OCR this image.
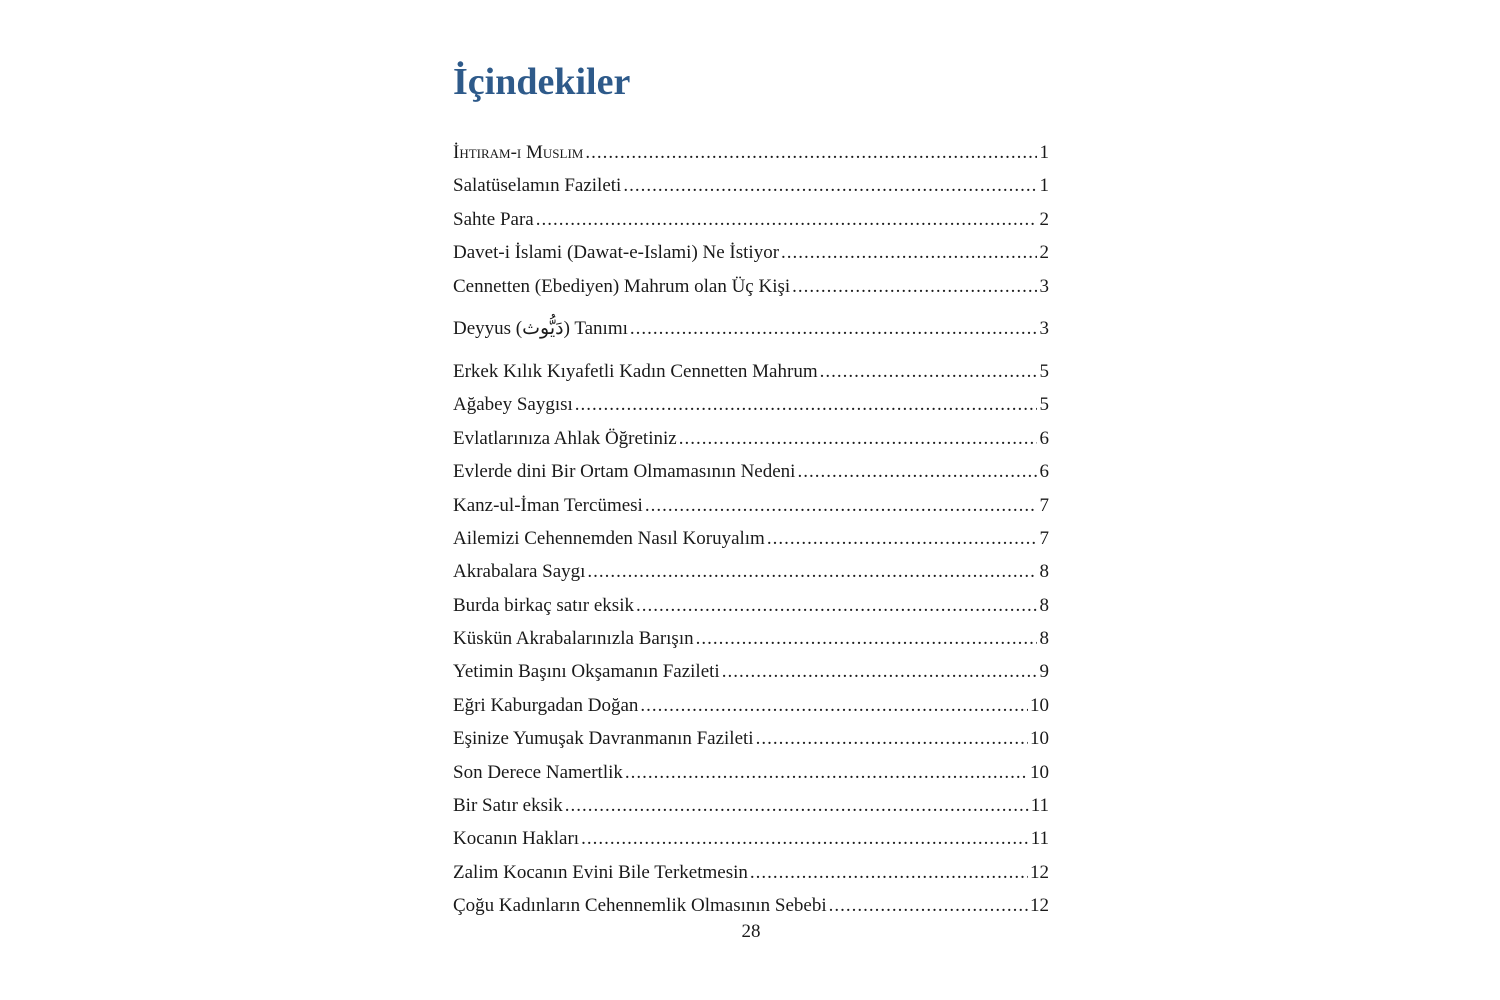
İçindekiler
İhtiram-ı Muslim .....	1
Salatüselamın Fazileti .....	1
Sahte Para .....	2
Davet-i İslami (Dawat-e-Islami) Ne İstiyor .....	2
Cennetten (Ebediyen) Mahrum olan Üç Kişi .....	3
Deyyus (دَیُّوث) Tanımı .....	3
Erkek Kılık Kıyafetli Kadın Cennetten Mahrum .....	5
Ağabey Saygısı .....	5
Evlatlarınıza Ahlak Öğretiniz .....	6
Evlerde dini Bir Ortam Olmamasının Nedeni .....	6
Kanz-ul-İman Tercümesi .....	7
Ailemizi Cehennemden Nasıl Koruyalım .....	7
Akrabalara Saygı .....	8
Burda birkaç satır eksik .....	8
Küskün Akrabalarınızla Barışın .....	8
Yetimin Başını Okşamanın Fazileti .....	9
Eğri Kaburgadan Doğan .....	10
Eşinize Yumuşak Davranmanın Fazileti .....	10
Son Derece Namertlik .....	10
Bir Satır eksik .....	11
Kocanın Hakları .....	11
Zalim Kocanın Evini Bile Terketmesin .....	12
Çoğu Kadınların Cehennemlik Olmasının Sebebi .....	12
28
